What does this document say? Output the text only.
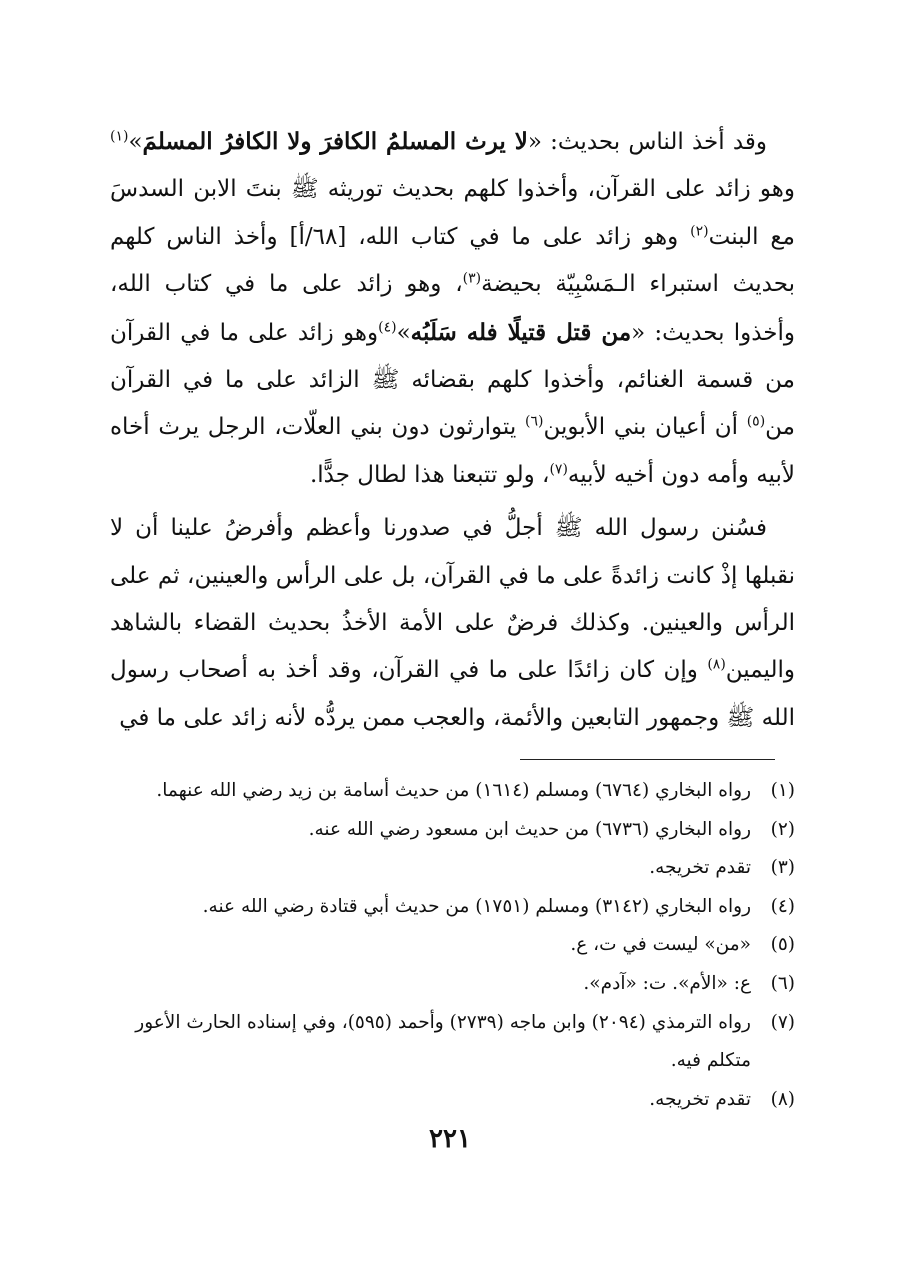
وقد أخذ الناس بحديث: «لا يرث المسلمُ الكافرَ ولا الكافرُ المسلمَ»$^{(١)}$ وهو زائد على القرآن، وأخذوا كلهم بحديث توريثه ﷺ بنتَ الابن السدسَ مع البنت$^{(٢)}$ وهو زائد على ما في كتاب الله، [٦٨/أ] وأخذ الناس كلهم بحديث استبراء الـمَسْبِيّة بحيضة$^{(٣)}$، وهو زائد على ما في كتاب الله، وأخذوا بحديث: «من قتل قتيلًا فله سَلَبُه»$^{(٤)}$وهو زائد على ما في القرآن من قسمة الغنائم، وأخذوا كلهم بقضائه ﷺ الزائد على ما في القرآن من$^{(٥)}$ أن أعيان بني الأبوين$^{(٦)}$ يتوارثون دون بني العلّات، الرجل يرث أخاه لأبيه وأمه دون أخيه لأبيه$^{(٧)}$، ولو تتبعنا هذا لطال جدًّا.

فسُنن رسول الله ﷺ أجلُّ في صدورنا وأعظم وأفرضُ علينا أن لا نقبلها إذْ كانت زائدةً على ما في القرآن، بل على الرأس والعينين، ثم على الرأس والعينين. وكذلك فرضٌ على الأمة الأخذُ بحديث القضاء بالشاهد واليمين$^{(٨)}$ وإن كان زائدًا على ما في القرآن، وقد أخذ به أصحاب رسول الله ﷺ وجمهور التابعين والأئمة، والعجب ممن يردُّه لأنه زائد على ما في

(١)
رواه البخاري (٦٧٦٤) ومسلم (١٦١٤) من حديث أسامة بن زيد رضي الله عنهما.
(٢)
رواه البخاري (٦٧٣٦) من حديث ابن مسعود رضي الله عنه.
(٣)
تقدم تخريجه.
(٤)
رواه البخاري (٣١٤٢) ومسلم (١٧٥١) من حديث أبي قتادة رضي الله عنه.
(٥)
«من» ليست في ت، ع.
(٦)
ع: «الأم». ت: «آدم».
(٧)
رواه الترمذي (٢٠٩٤) وابن ماجه (٢٧٣٩) وأحمد (٥٩٥)، وفي إسناده الحارث الأعور متكلم فيه.
(٨)
تقدم تخريجه.
٢٢١
